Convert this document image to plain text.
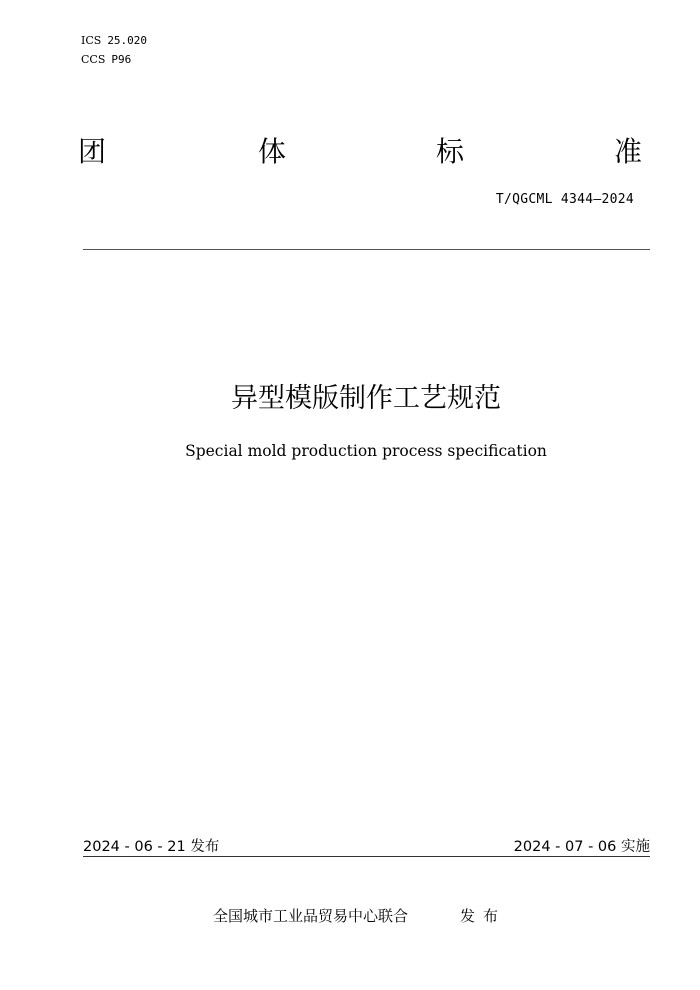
ICS 25.020
CCS P96
团	体	标	准
T/QGCML 4344—2024
异型模版制作工艺规范
Special mold production process specification
2024 - 06 - 21 发布	2024 - 07 - 06 实施
全国城市工业品贸易中心联合	发布
